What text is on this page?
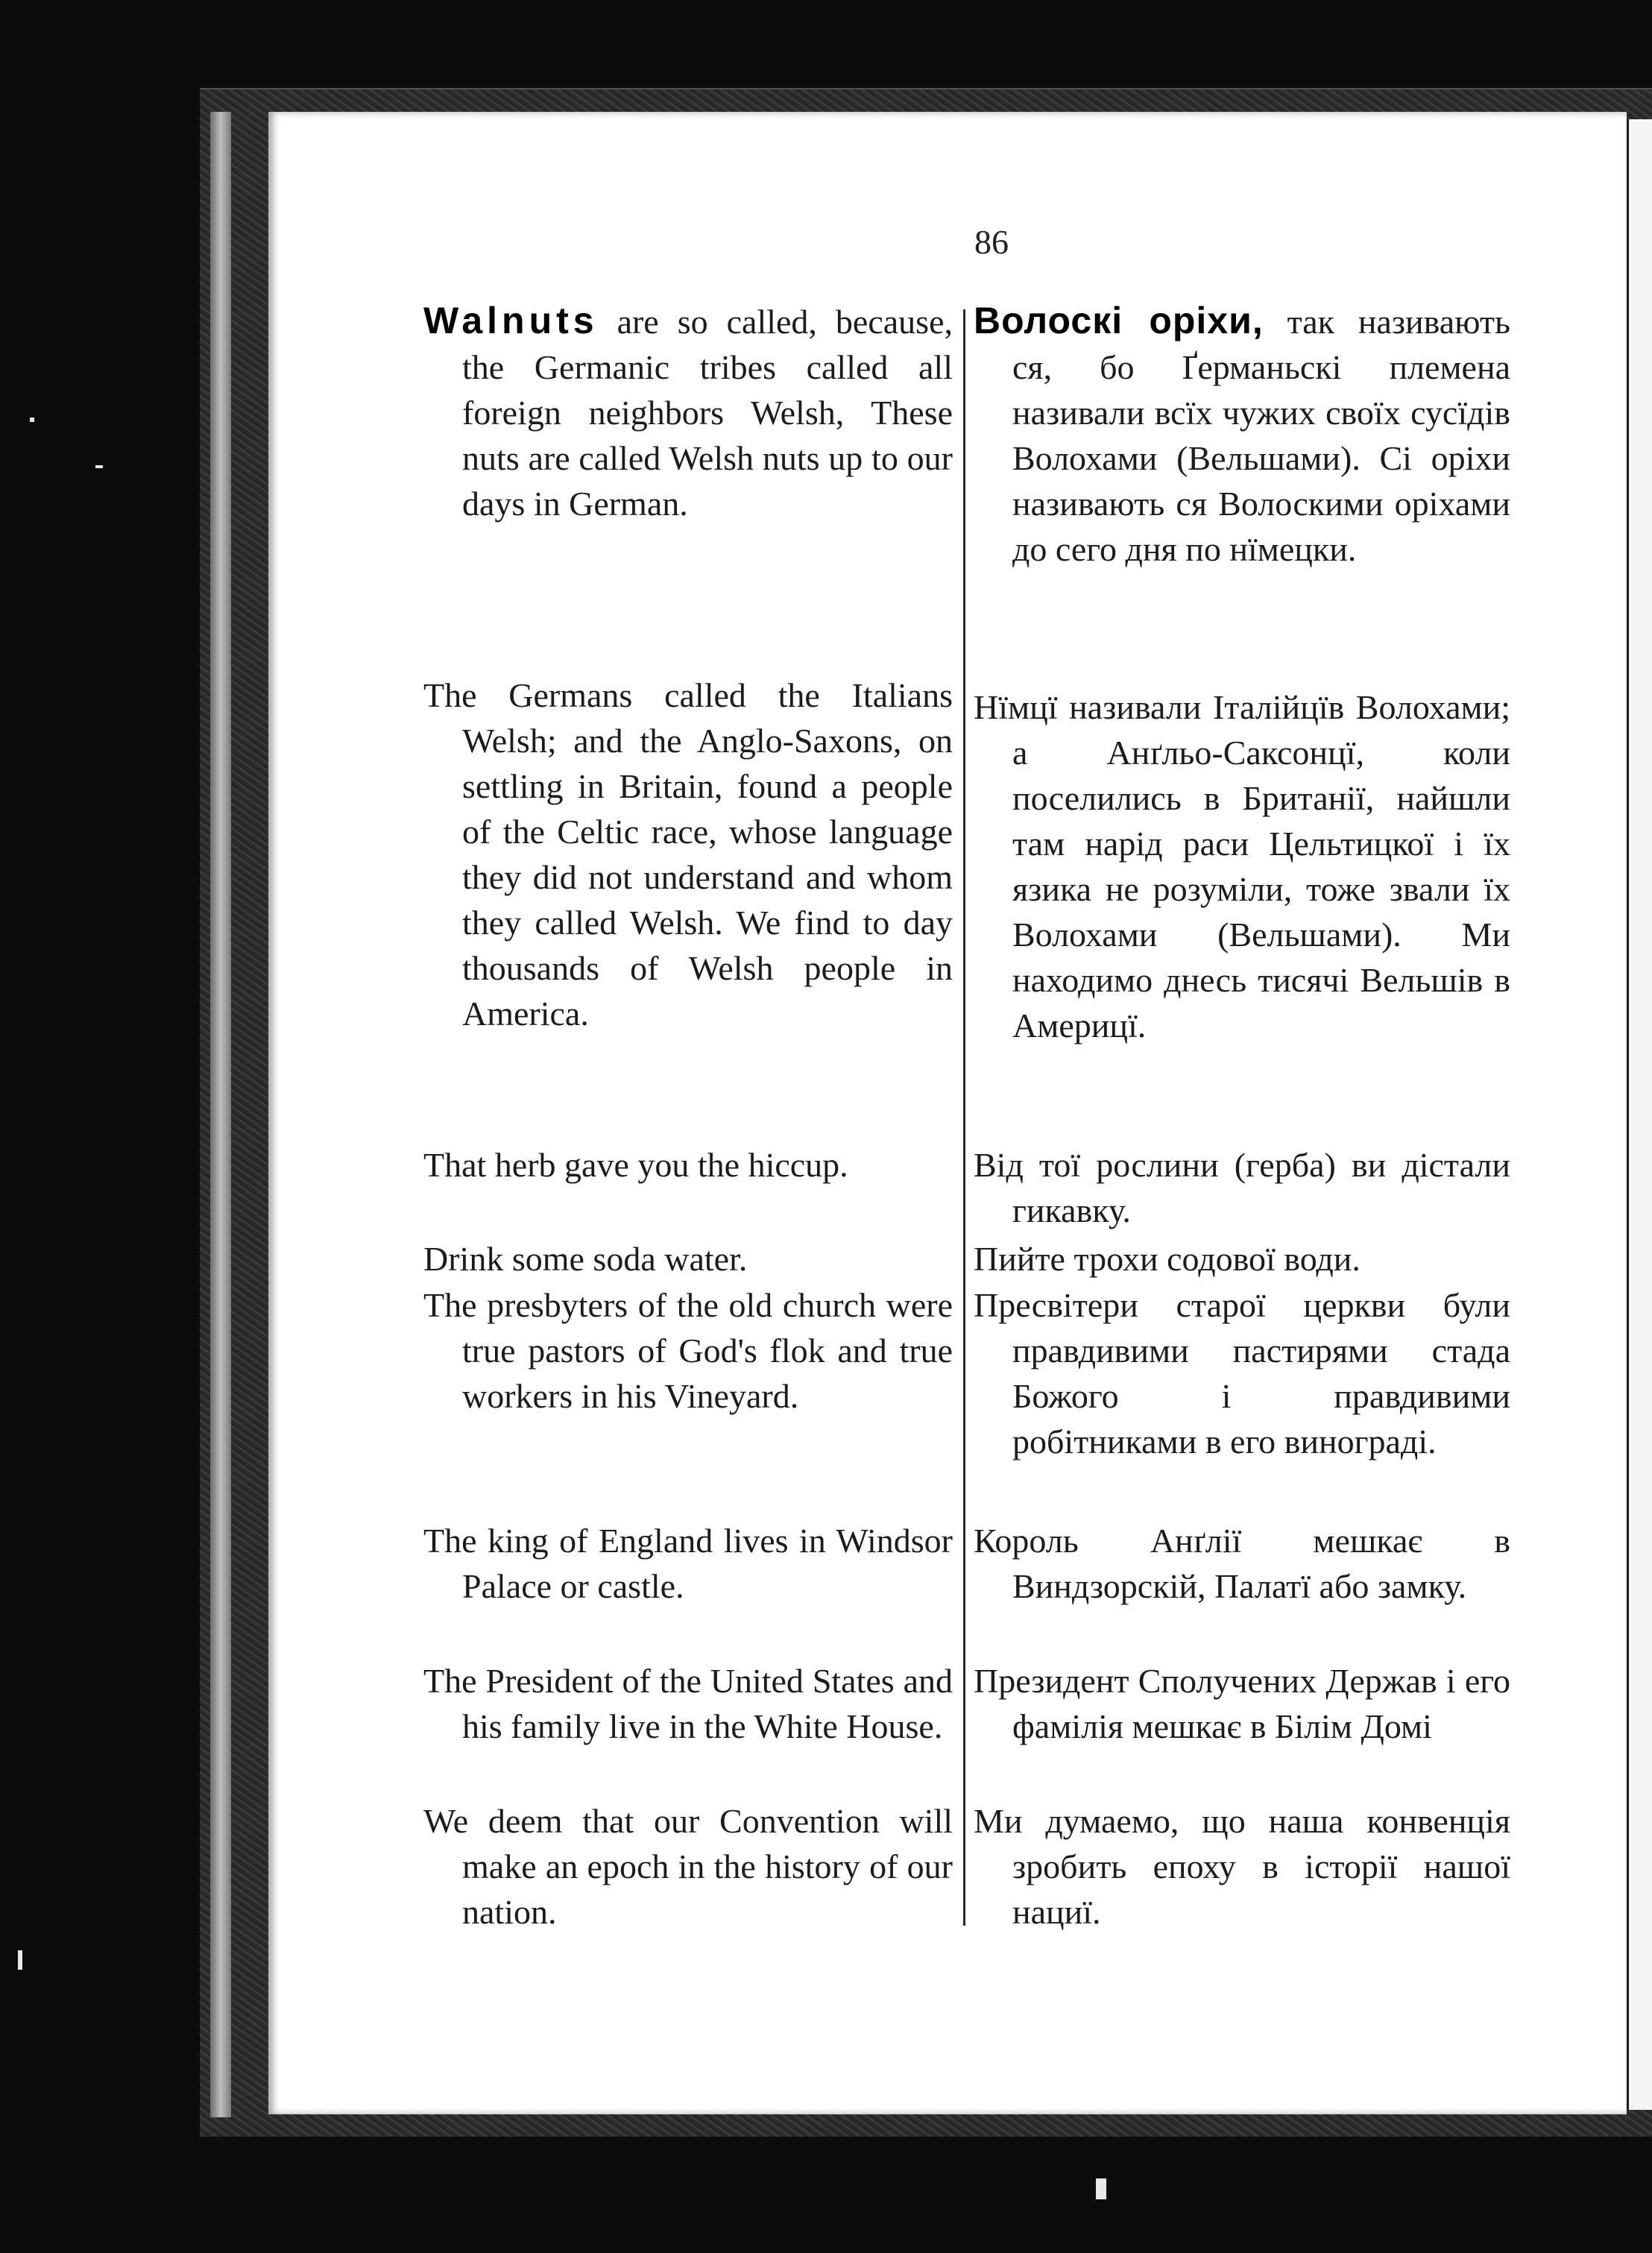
86

Walnuts are so called, because, the Germanic tribes called all foreign neighbors Welsh, These nuts are called Welsh nuts up to our days in German.

The Germans called the Italians Welsh; and the Anglo-Saxons, on settling in Britain, found a people of the Celtic race, whose language they did not understand and whom they called Welsh. We find to day thousands of Welsh people in America.

That herb gave you the hiccup.

Drink some soda water.

The presbyters of the old church were true pastors of God's flok and true workers in his Vineyard.

The king of England lives in Windsor Palace or castle.

The President of the United States and his family live in the White House.

We deem that our Convention will make an epoch in the history of our nation.

Волоскі оріхи, так називають ся, бо Ґерманьскі племена називали всїх чужих своїх сусїдів Волохами (Вельшами). Сі оріхи називають ся Волоскими оріхами до сего дня по нїмецки.

Нїмцї називали Італійцїв Волохами; а Анґльо-Саксонцї, коли поселились в Британії, найшли там нарід раси Цельтицкої і їх язика не розуміли, тоже звали їх Волохами (Вельшами). Ми находимо днесь тисячі Вельшів в Америцї.

Від тої рослини (герба) ви дістали гикавку.

Пийте трохи содової води.

Пресвітери старої церкви були правдивими пастирями стада Божого і правдивими робітниками в его винограді.

Король Анґлії мешкає в Виндзорскій, Палатї або замку.

Президент Сполучених Держав і его фамілія мешкає в Білім Домі

Ми думаемо, що наша конвенція зробить епоху в історії нашої нациї.
